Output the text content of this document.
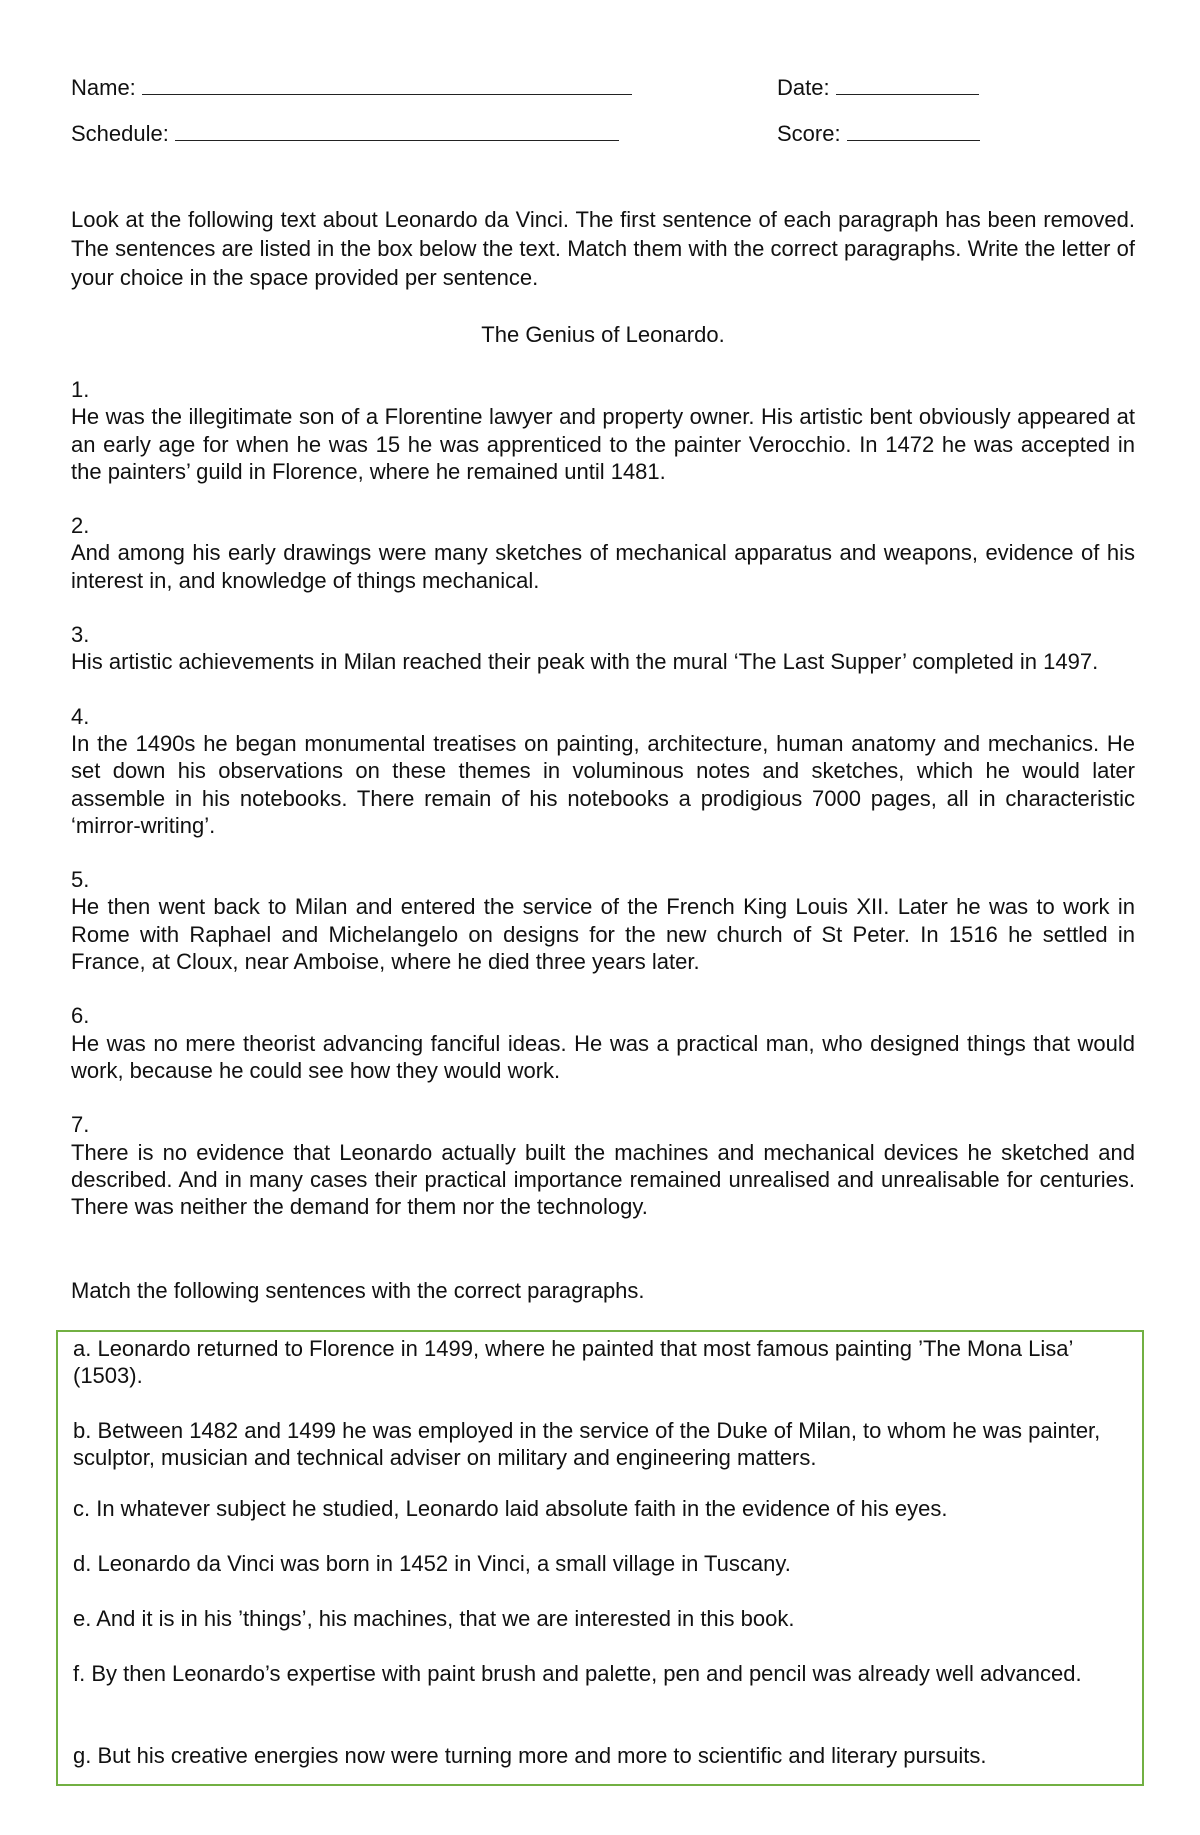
Name:	Date:
Schedule:	Score:
Look at the following text about Leonardo da Vinci. The first sentence of each paragraph has been removed. The sentences are listed in the box below the text. Match them with the correct paragraphs. Write the letter of your choice in the space provided per sentence.
The Genius of Leonardo.
1.
He was the illegitimate son of a Florentine lawyer and property owner. His artistic bent obviously appeared at an early age for when he was 15 he was apprenticed to the painter Verocchio. In 1472 he was accepted in the painters’ guild in Florence, where he remained until 1481.
2.
And among his early drawings were many sketches of mechanical apparatus and weapons, evidence of his interest in, and knowledge of things mechanical.
3.
His artistic achievements in Milan reached their peak with the mural ‘The Last Supper’ completed in 1497.
4.
In the 1490s he began monumental treatises on painting, architecture, human anatomy and mechanics. He set down his observations on these themes in voluminous notes and sketches, which he would later assemble in his notebooks. There remain of his notebooks a prodigious 7000 pages, all in characteristic ‘mirror-writing’.
5.
He then went back to Milan and entered the service of the French King Louis XII. Later he was to work in Rome with Raphael and Michelangelo on designs for the new church of St Peter. In 1516 he settled in France, at Cloux, near Amboise, where he died three years later.
6.
He was no mere theorist advancing fanciful ideas. He was a practical man, who designed things that would work, because he could see how they would work.
7.
There is no evidence that Leonardo actually built the machines and mechanical devices he sketched and described. And in many cases their practical importance remained unrealised and unrealisable for centuries. There was neither the demand for them nor the technology.
Match the following sentences with the correct paragraphs.

a. Leonardo returned to Florence in 1499, where he painted that most famous painting ’The Mona Lisa’ (1503).

b. Between 1482 and 1499 he was employed in the service of the Duke of Milan, to whom he was painter, sculptor, musician and technical adviser on military and engineering matters.

c. In whatever subject he studied, Leonardo laid absolute faith in the evidence of his eyes.

d. Leonardo da Vinci was born in 1452 in Vinci, a small village in Tuscany.

e. And it is in his ’things’, his machines, that we are interested in this book.

f. By then Leonardo’s expertise with paint brush and palette, pen and pencil was already well advanced.

g. But his creative energies now were turning more and more to scientific and literary pursuits.
